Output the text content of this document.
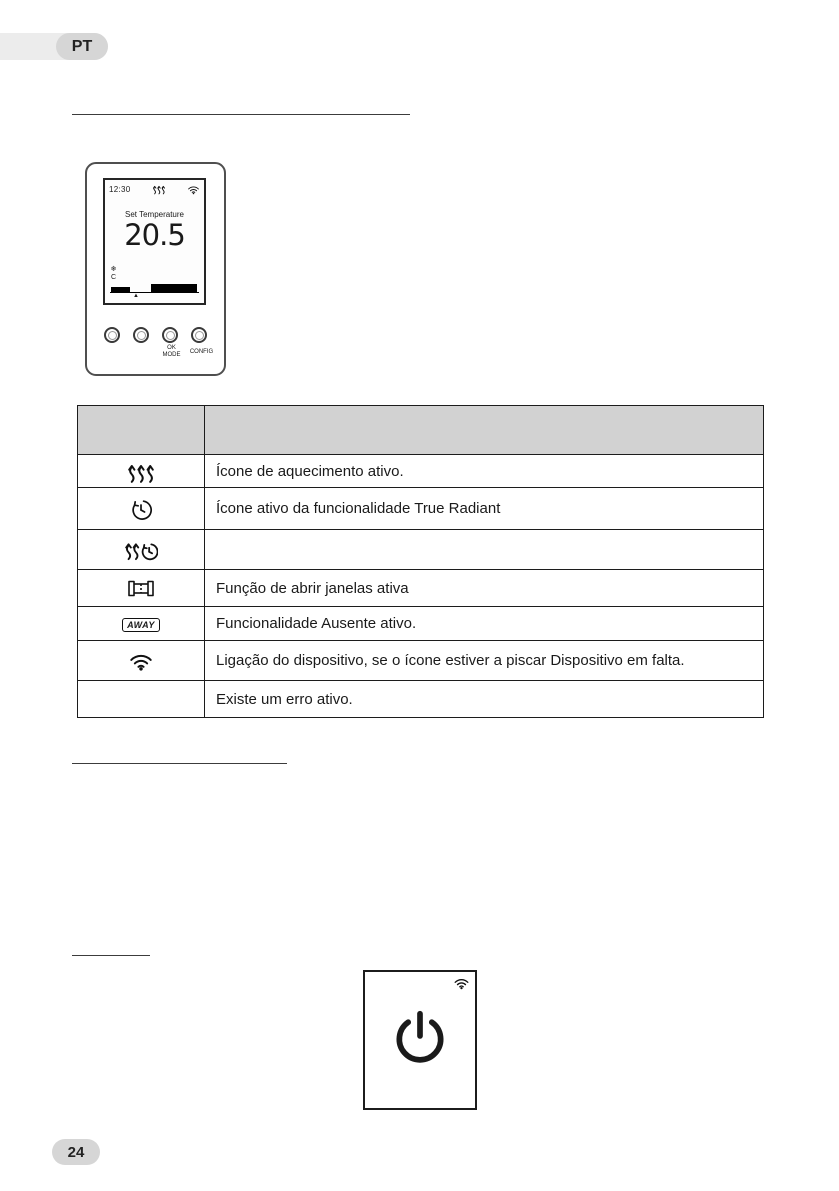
PT
12:30
Set Temperature
20.5
❄
C
▲
OK
MODE	CONFIG

	Ícone de aquecimento ativo.

	Ícone ativo da funcionalidade True Radiant

	Função de abrir janelas ativa
AWAY	Funcionalidade Ausente ativo.

	Ligação do dispositivo, se o ícone estiver a piscar Dispositivo em falta.
	Existe um erro ativo.
24
